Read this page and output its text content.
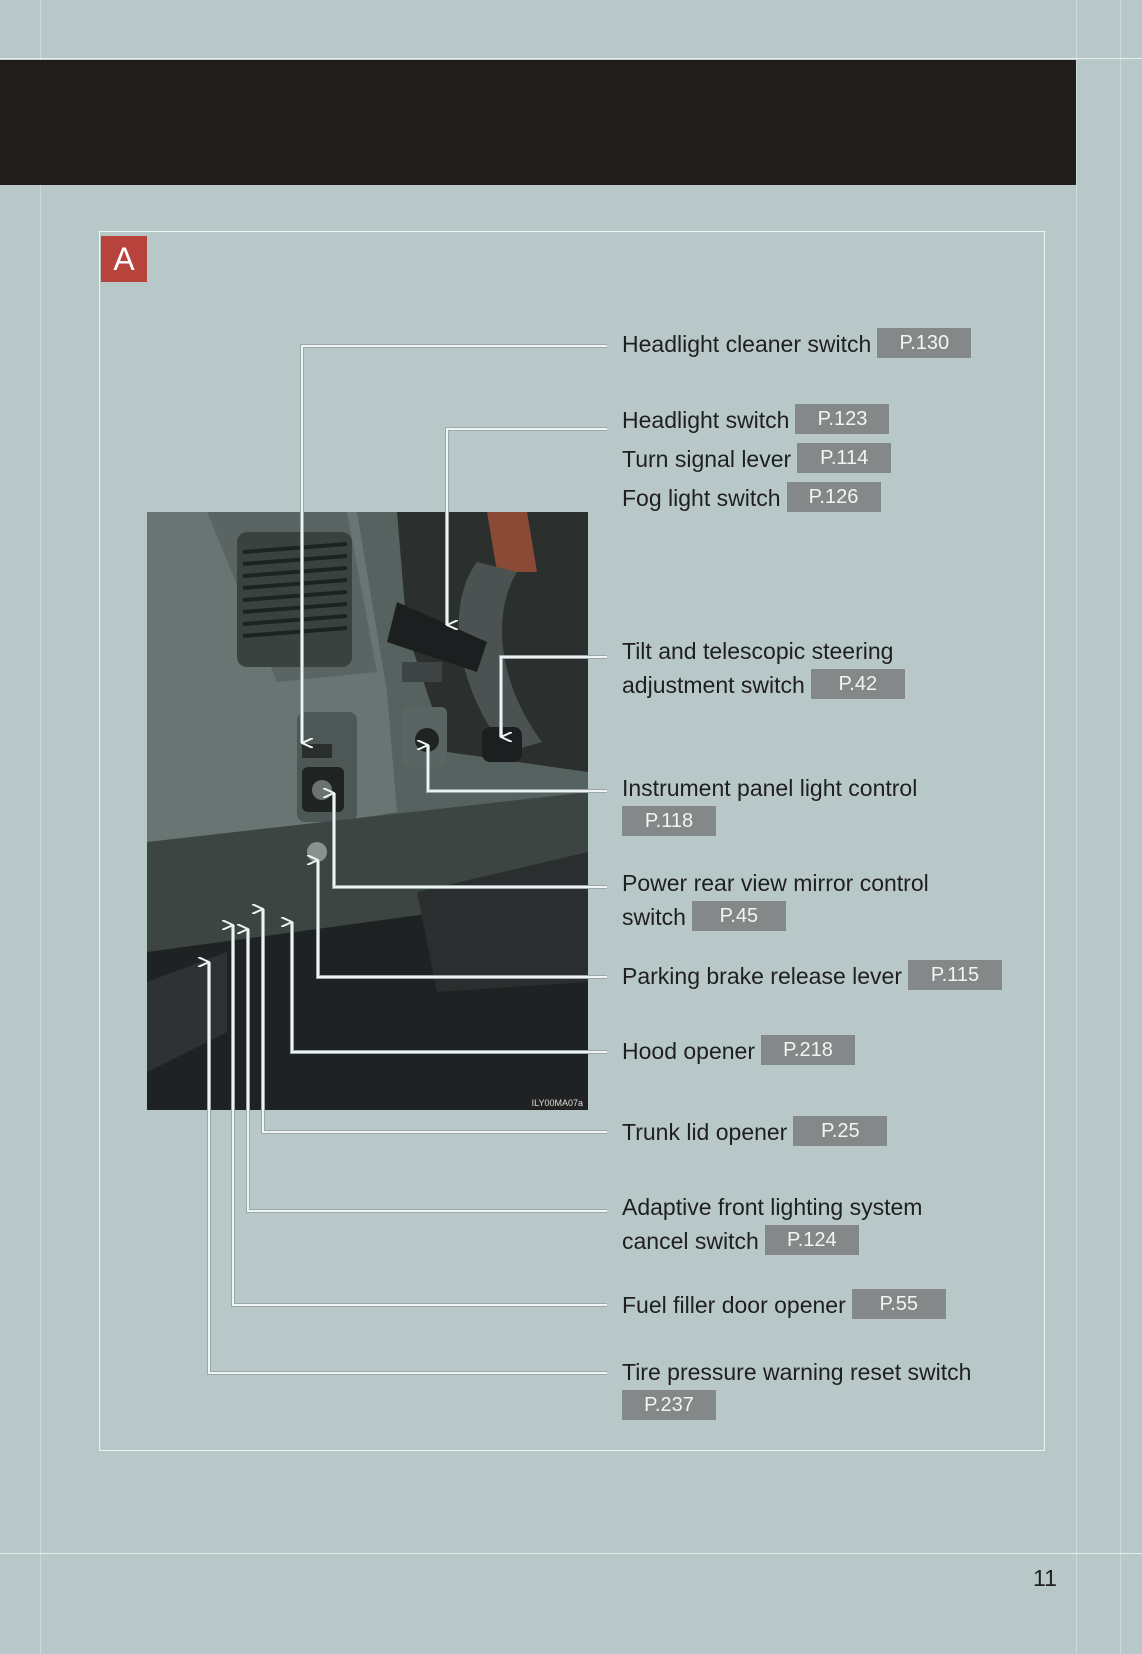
A
ILY00MA07a
Headlight cleaner switch P.130
Headlight switch P.123
Turn signal lever P.114
Fog light switch P.126
Tilt and telescopic steering
adjustment switch P.42
Instrument panel light control
P.118
Power rear view mirror control
switch P.45
Parking brake release lever P.115
Hood opener P.218
Trunk lid opener P.25
Adaptive front lighting system
cancel switch P.124
Fuel filler door opener P.55
Tire pressure warning reset switch
P.237
11
